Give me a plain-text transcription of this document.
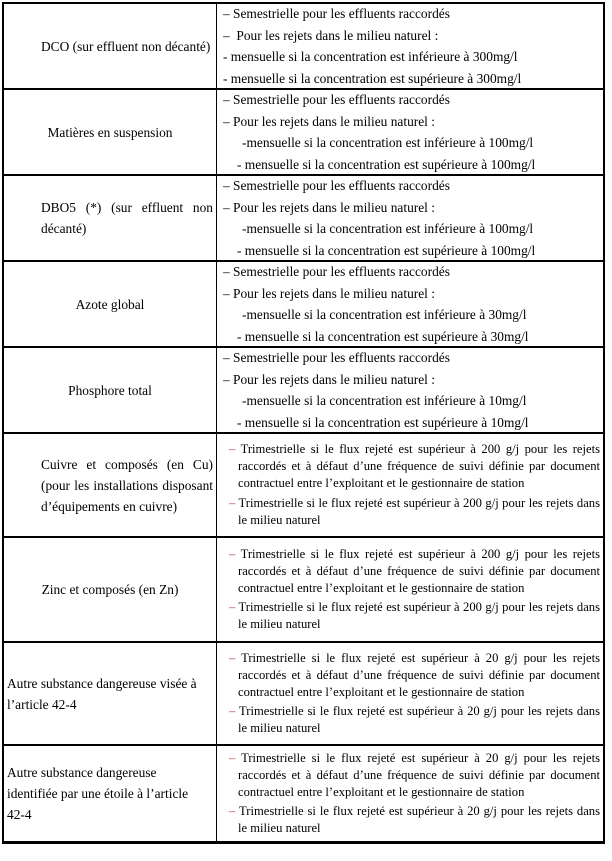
DCO (sur effluent non décanté)
– Semestrielle pour les effluents raccordés
–  Pour les rejets dans le milieu naturel :
- mensuelle si la concentration est inférieure à 300mg/l
- mensuelle si la concentration est supérieure à 300mg/l
Matières en suspension
– Semestrielle pour les effluents raccordés
– Pour les rejets dans le milieu naturel :
-mensuelle si la concentration est inférieure à 100mg/l
- mensuelle si la concentration est supérieure à 100mg/l
DBO5 (*) (sur effluent non décanté)
– Semestrielle pour les effluents raccordés
– Pour les rejets dans le milieu naturel :
-mensuelle si la concentration est inférieure à 100mg/l
- mensuelle si la concentration est supérieure à 100mg/l
Azote global
– Semestrielle pour les effluents raccordés
– Pour les rejets dans le milieu naturel :
-mensuelle si la concentration est inférieure à 30mg/l
- mensuelle si la concentration est supérieure à 30mg/l
Phosphore total
– Semestrielle pour les effluents raccordés
– Pour les rejets dans le milieu naturel :
-mensuelle si la concentration est inférieure à 10mg/l
- mensuelle si la concentration est supérieure à 10mg/l
Cuivre et composés (en Cu) (pour les installations disposant d’équipements en cuivre)
– Trimestrielle si le flux rejeté est supérieur à 200 g/j pour les rejets raccordés et à défaut d’une fréquence de suivi définie par document contractuel entre l’exploitant et le gestionnaire de station
– Trimestrielle si le flux rejeté est supérieur à 200 g/j pour les rejets dans le milieu naturel
Zinc et composés (en Zn)
– Trimestrielle si le flux rejeté est supérieur à 200 g/j pour les rejets raccordés et à défaut d’une fréquence de suivi définie par document contractuel entre l’exploitant et le gestionnaire de station
– Trimestrielle si le flux rejeté est supérieur à 200 g/j pour les rejets dans le milieu naturel
Autre substance dangereuse visée à l’article 42-4
– Trimestrielle si le flux rejeté est supérieur à 20 g/j pour les rejets raccordés et à défaut d’une fréquence de suivi définie par document contractuel entre l’exploitant et le gestionnaire de station
– Trimestrielle si le flux rejeté est supérieur à 20 g/j pour les rejets dans le milieu naturel
Autre substance dangereuse identifiée par une étoile à l’article 42-4
– Trimestrielle si le flux rejeté est supérieur à 20 g/j pour les rejets raccordés et à défaut d’une fréquence de suivi définie par document contractuel entre l’exploitant et le gestionnaire de station
– Trimestrielle si le flux rejeté est supérieur à 20 g/j pour les rejets dans le milieu naturel
